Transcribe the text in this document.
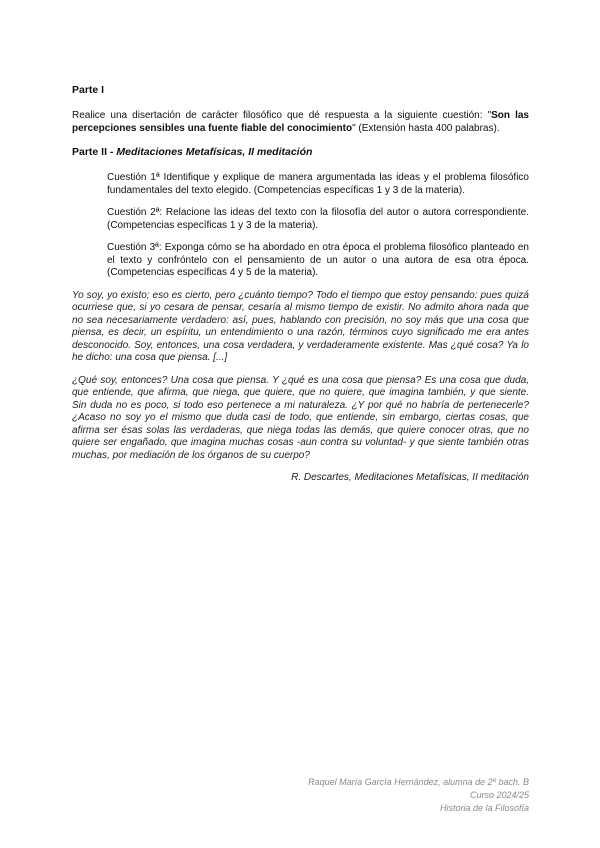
Parte I

Realice una disertación de carácter filosófico que dé respuesta a la siguiente cuestión: "Son las percepciones sensibles una fuente fiable del conocimiento" (Extensión hasta 400 palabras).

Parte II - Meditaciones Metafísicas, II meditación

Cuestión 1ª Identifique y explique de manera argumentada las ideas y el problema filosófico fundamentales del texto elegido. (Competencias específicas 1 y 3 de la materia).

Cuestión 2ª: Relacione las ideas del texto con la filosofía del autor o autora correspondiente. (Competencias específicas 1 y 3 de la materia).

Cuestión 3ª: Exponga cómo se ha abordado en otra época el problema filosófico planteado en el texto y confróntelo con el pensamiento de un autor o una autora de esa otra época. (Competencias específicas 4 y 5 de la materia).

Yo soy, yo existo; eso es cierto, pero ¿cuánto tiempo? Todo el tiempo que estoy pensando: pues quizá ocurriese que, si yo cesara de pensar, cesaría al mismo tiempo de existir. No admito ahora nada que no sea necesariamente verdadero: así, pues, hablando con precisión, no soy más que una cosa que piensa, es decir, un espíritu, un entendimiento o una razón, términos cuyo significado me era antes desconocido. Soy, entonces, una cosa verdadera, y verdaderamente existente. Mas ¿qué cosa? Ya lo he dicho: una cosa que piensa. [...]

¿Qué soy, entonces? Una cosa que piensa. Y ¿qué es una cosa que piensa? Es una cosa que duda, que entiende, que afirma, que niega, que quiere, que no quiere, que imagina también, y que siente. Sin duda no es poco, si todo eso pertenece a mi naturaleza. ¿Y por qué no habría de pertenecerle? ¿Acaso no soy yo el mismo que duda casi de todo, que entiende, sin embargo, ciertas cosas, que afirma ser ésas solas las verdaderas, que niega todas las demás, que quiere conocer otras, que no quiere ser engañado, que imagina muchas cosas -aun contra su voluntad- y que siente también otras muchas, por mediación de los órganos de su cuerpo?

R. Descartes, Meditaciones Metafísicas, II meditación

Raquel María García Hernández, alumna de 2º bach. B
Curso 2024/25
Historia de la Filosofía
